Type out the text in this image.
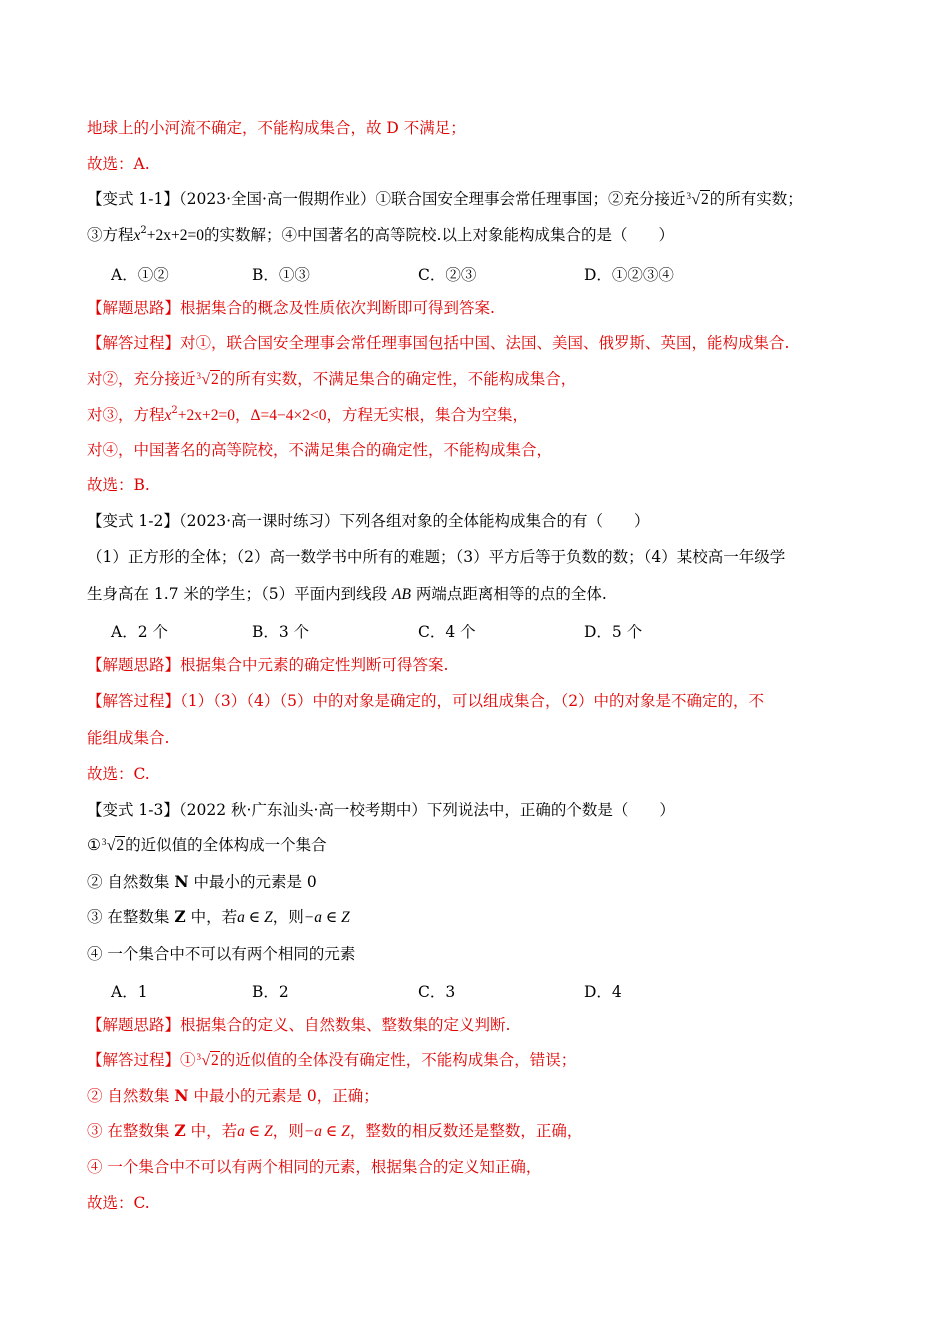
地球上的小河流不确定，不能构成集合，故 D 不满足；
故选：A.
【变式 1-1】（2023·全国·高一假期作业）①联合国安全理事会常任理事国；②充分接近 3 √2的所有实数；
③方程$x^2+2x+2=0$的实数解；④中国著名的高等院校.以上对象能构成集合的是（　　）
A．①②	B．①③	C．②③	D．①②③④
【解题思路】根据集合的概念及性质依次判断即可得到答案.
【解答过程】对①，联合国安全理事会常任理事国包括中国、法国、美国、俄罗斯、英国，能构成集合.
对②，充分接近 3 √2的所有实数，不满足集合的确定性，不能构成集合，
对③，方程$x^2+2x+2=0$，Δ=4−4×2<0，方程无实根，集合为空集，
对④，中国著名的高等院校，不满足集合的确定性，不能构成集合，
故选：B.
【变式 1-2】（2023·高一课时练习）下列各组对象的全体能构成集合的有（　　）
（1）正方形的全体；（2）高一数学书中所有的难题；（3）平方后等于负数的数；（4）某校高一年级学
生身高在 1.7 米的学生；（5）平面内到线段 AB 两端点距离相等的点的全体.
A．2 个	B．3 个	C．4 个	D．5 个
【解题思路】根据集合中元素的确定性判断可得答案.
【解答过程】（1）（3）（4）（5）中的对象是确定的，可以组成集合，（2）中的对象是不确定的，不
能组成集合.
故选：C.
【变式 1-3】（2022 秋·广东汕头·高一校考期中）下列说法中，正确的个数是（　　）
① 3 √2的近似值的全体构成一个集合
② 自然数集 N 中最小的元素是 0
③ 在整数集 Z 中，若a ∈ Z，则−a ∈ Z
④ 一个集合中不可以有两个相同的元素
A．1	B．2	C．3	D．4
【解题思路】根据集合的定义、自然数集、整数集的定义判断.
【解答过程】① 3 √2的近似值的全体没有确定性，不能构成集合，错误；
② 自然数集 N 中最小的元素是 0，正确；
③ 在整数集 Z 中，若a ∈ Z，则−a ∈ Z，整数的相反数还是整数，正确，
④ 一个集合中不可以有两个相同的元素，根据集合的定义知正确，
故选：C.
